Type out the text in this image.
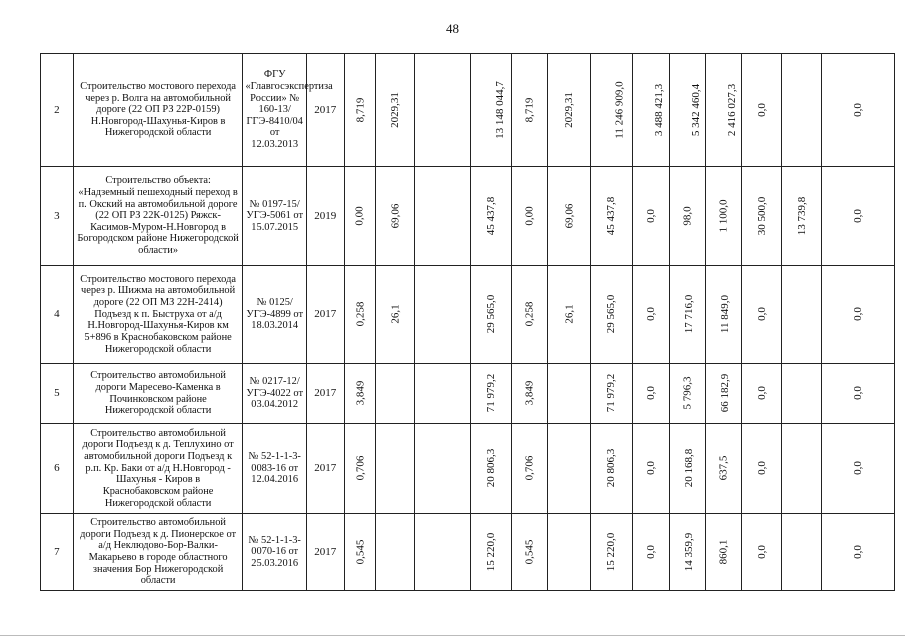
48
2	Строительство мостового перехода через р. Волга на автомобильной дороге (22 ОП РЗ 22Р-0159) Н.Новгород-Шахунья-Киров в Нижегородской области	ФГУ «Главгосэкспертиза России» № 160-13/ГГЭ-8410/04 от 12.03.2013	2017	8,719	2029,31		13 148 044,7	8,719	2029,31	11 246 909,0	3 488 421,3	5 342 460,4	2 416 027,3	0,0		0,0
3	Строительство объекта: «Надземный пешеходный переход в п. Окский на автомобильной дороге (22 ОП РЗ 22К-0125) Ряжск-Касимов-Муром-Н.Новгород в Богородском районе Нижегородской области»	№ 0197-15/УГЭ-5061 от 15.07.2015	2019	0,00	69,06		45 437,8	0,00	69,06	45 437,8	0,0	98,0	1 100,0	30 500,0	13 739,8	0,0
4	Строительство мостового перехода через р. Шижма на автомобильной дороге (22 ОП МЗ 22Н-2414) Подъезд к п. Быструха от а/д Н.Новгород-Шахунья-Киров км 5+896 в Краснобаковском районе Нижегородской области	№ 0125/УГЭ-4899 от 18.03.2014	2017	0,258	26,1		29 565,0	0,258	26,1	29 565,0	0,0	17 716,0	11 849,0	0,0		0,0
5	Строительство автомобильной дороги Маресево-Каменка в Починковском районе Нижегородской области	№ 0217-12/УГЭ-4022 от 03.04.2012	2017	3,849			71 979,2	3,849		71 979,2	0,0	5 796,3	66 182,9	0,0		0,0
6	Строительство автомобильной дороги Подъезд к д. Теплухино от автомобильной дороги Подъезд к р.п. Кр. Баки от а/д Н.Новгород - Шахунья - Киров в Краснобаковском районе Нижегородской области	№ 52-1-1-3-0083-16 от 12.04.2016	2017	0,706			20 806,3	0,706		20 806,3	0,0	20 168,8	637,5	0,0		0,0
7	Строительство автомобильной дороги Подъезд к д. Пионерское от а/д Неклюдово-Бор-Валки-Макарьево в городе областного значения Бор Нижегородской области	№ 52-1-1-3-0070-16 от 25.03.2016	2017	0,545			15 220,0	0,545		15 220,0	0,0	14 359,9	860,1	0,0		0,0
